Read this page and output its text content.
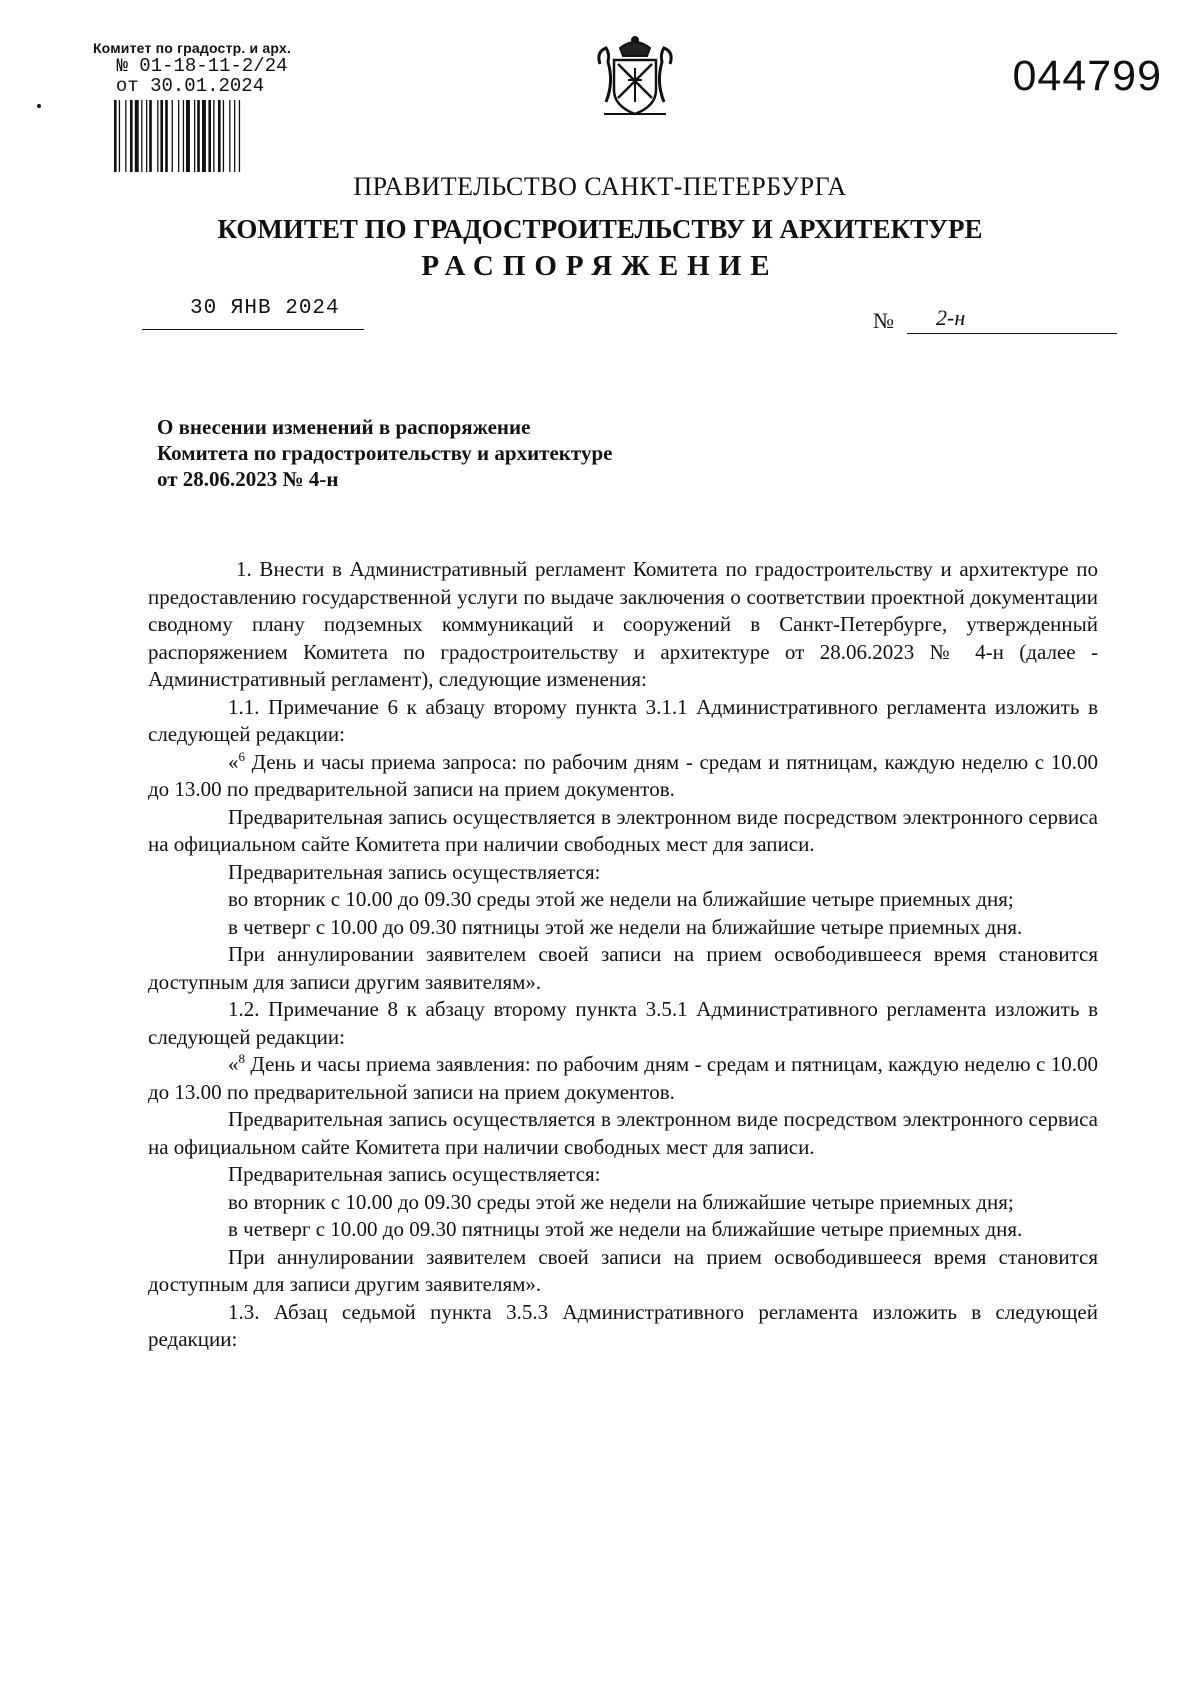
Комитет по градостр. и арх.
№ 01-18-11-2/24
от 30.01.2024	044799
ПРАВИТЕЛЬСТВО САНКТ-ПЕТЕРБУРГА
КОМИТЕТ ПО ГРАДОСТРОИТЕЛЬСТВУ И АРХИТЕКТУРЕ
РАСПОРЯЖЕНИЕ
30 ЯНВ 2024	№ 2-н
О внесении изменений в распоряжение
Комитета по градостроительству и архитектуре
от 28.06.2023 № 4-н

1. Внести в Административный регламент Комитета по градостроительству и архитектуре по предоставлению государственной услуги по выдаче заключения о соответствии проектной документации сводному плану подземных коммуникаций и сооружений в Санкт-Петербурге, утвержденный распоряжением Комитета по градостроительству и архитектуре от 28.06.2023 № 4-н (далее - Административный регламент), следующие изменения:

1.1. Примечание 6 к абзацу второму пункта 3.1.1 Административного регламента изложить в следующей редакции:

«$^6$ День и часы приема запроса: по рабочим дням - средам и пятницам, каждую неделю с 10.00 до 13.00 по предварительной записи на прием документов.

Предварительная запись осуществляется в электронном виде посредством электронного сервиса на официальном сайте Комитета при наличии свободных мест для записи.

Предварительная запись осуществляется:

во вторник с 10.00 до 09.30 среды этой же недели на ближайшие четыре приемных дня;

в четверг с 10.00 до 09.30 пятницы этой же недели на ближайшие четыре приемных дня.

При аннулировании заявителем своей записи на прием освободившееся время становится доступным для записи другим заявителям».

1.2. Примечание 8 к абзацу второму пункта 3.5.1 Административного регламента изложить в следующей редакции:

«$^8$ День и часы приема заявления: по рабочим дням - средам и пятницам, каждую неделю с 10.00 до 13.00 по предварительной записи на прием документов.

Предварительная запись осуществляется в электронном виде посредством электронного сервиса на официальном сайте Комитета при наличии свободных мест для записи.

Предварительная запись осуществляется:

во вторник с 10.00 до 09.30 среды этой же недели на ближайшие четыре приемных дня;

в четверг с 10.00 до 09.30 пятницы этой же недели на ближайшие четыре приемных дня.

При аннулировании заявителем своей записи на прием освободившееся время становится доступным для записи другим заявителям».

1.3. Абзац седьмой пункта 3.5.3 Административного регламента изложить в следующей редакции:
